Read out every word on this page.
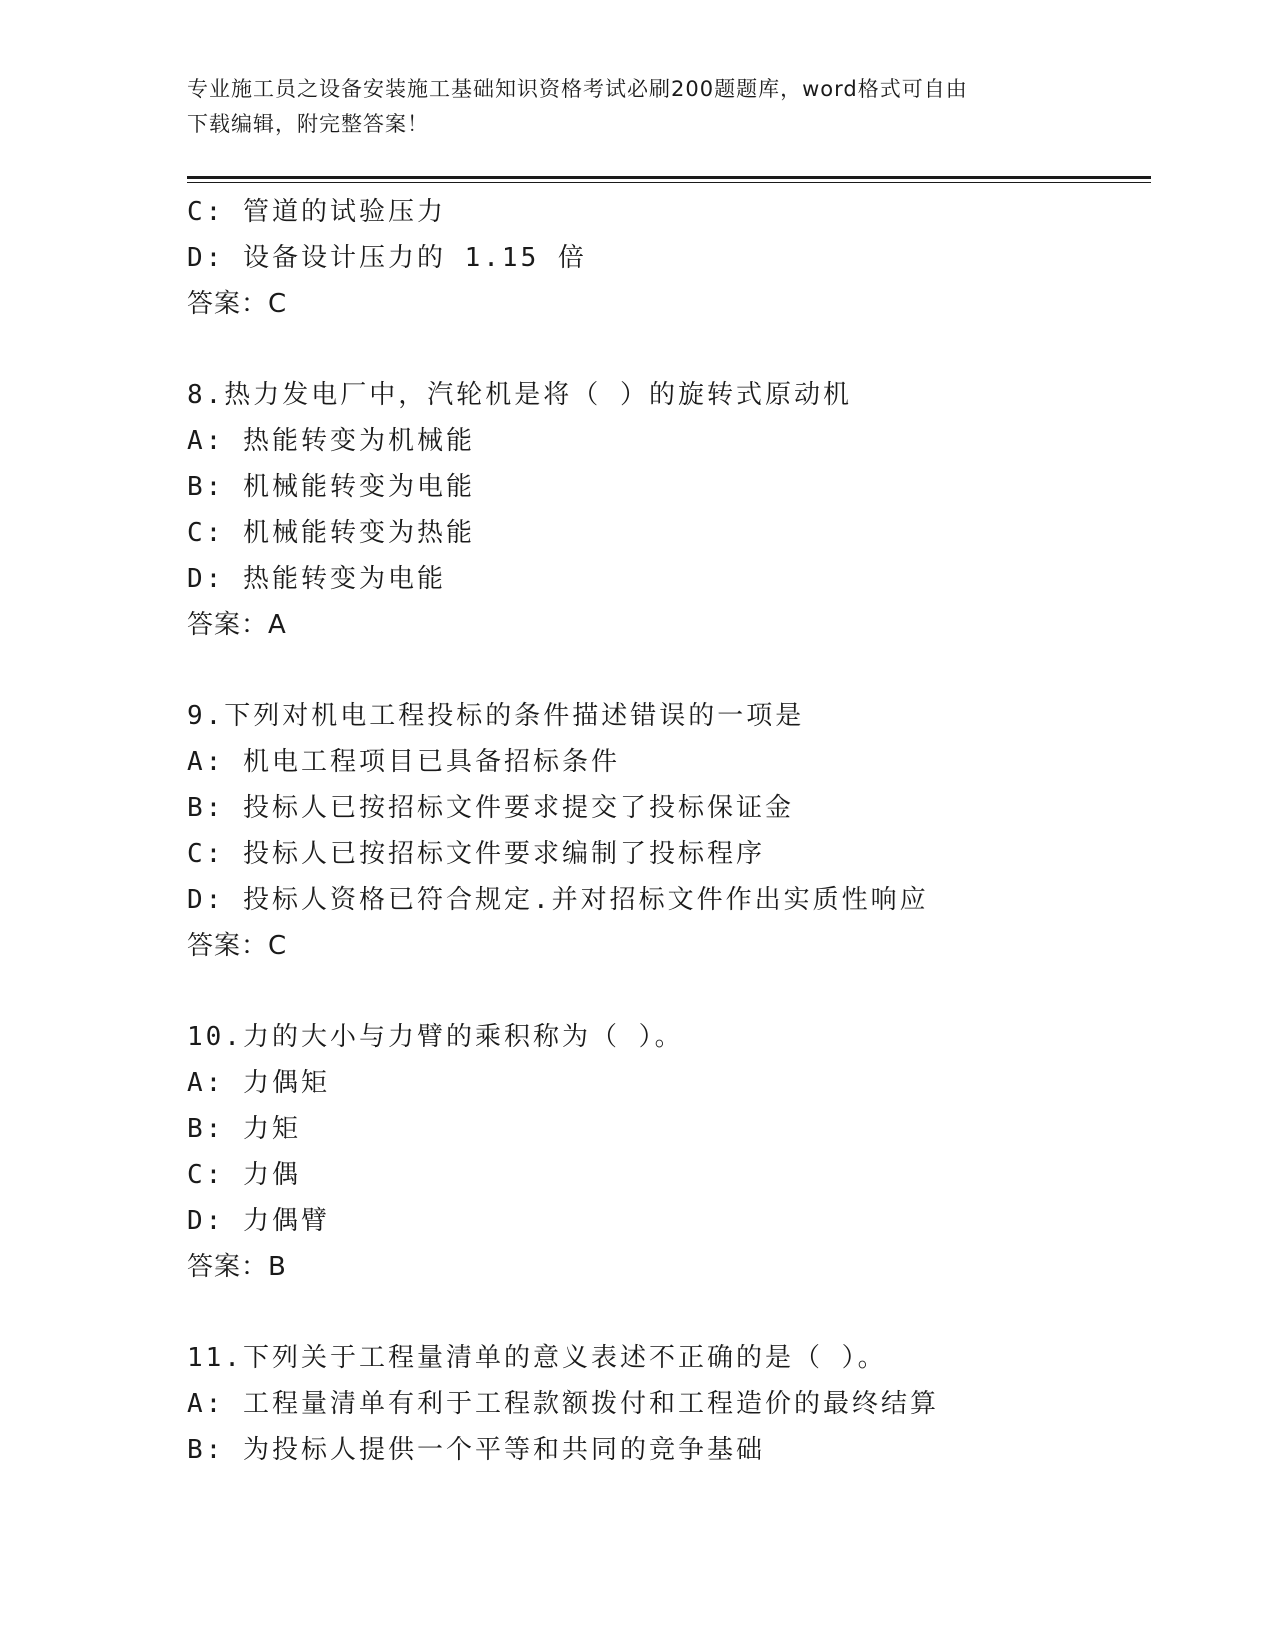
专业施工员之设备安装施工基础知识资格考试必刷200题题库，word格式可自由
下载编辑，附完整答案！
C: 管道的试验压力
D: 设备设计压力的 1.15 倍
答案：C
8.热力发电厂中，汽轮机是将（ ）的旋转式原动机
A: 热能转变为机械能
B: 机械能转变为电能
C: 机械能转变为热能
D: 热能转变为电能
答案：A
9.下列对机电工程投标的条件描述错误的一项是
A: 机电工程项目已具备招标条件
B: 投标人已按招标文件要求提交了投标保证金
C: 投标人已按招标文件要求编制了投标程序
D: 投标人资格已符合规定.并对招标文件作出实质性响应
答案：C
10.力的大小与力臂的乘积称为（ ）。
A: 力偶矩
B: 力矩
C: 力偶
D: 力偶臂
答案：B
11.下列关于工程量清单的意义表述不正确的是（ ）。
A: 工程量清单有利于工程款额拨付和工程造价的最终结算
B: 为投标人提供一个平等和共同的竞争基础
